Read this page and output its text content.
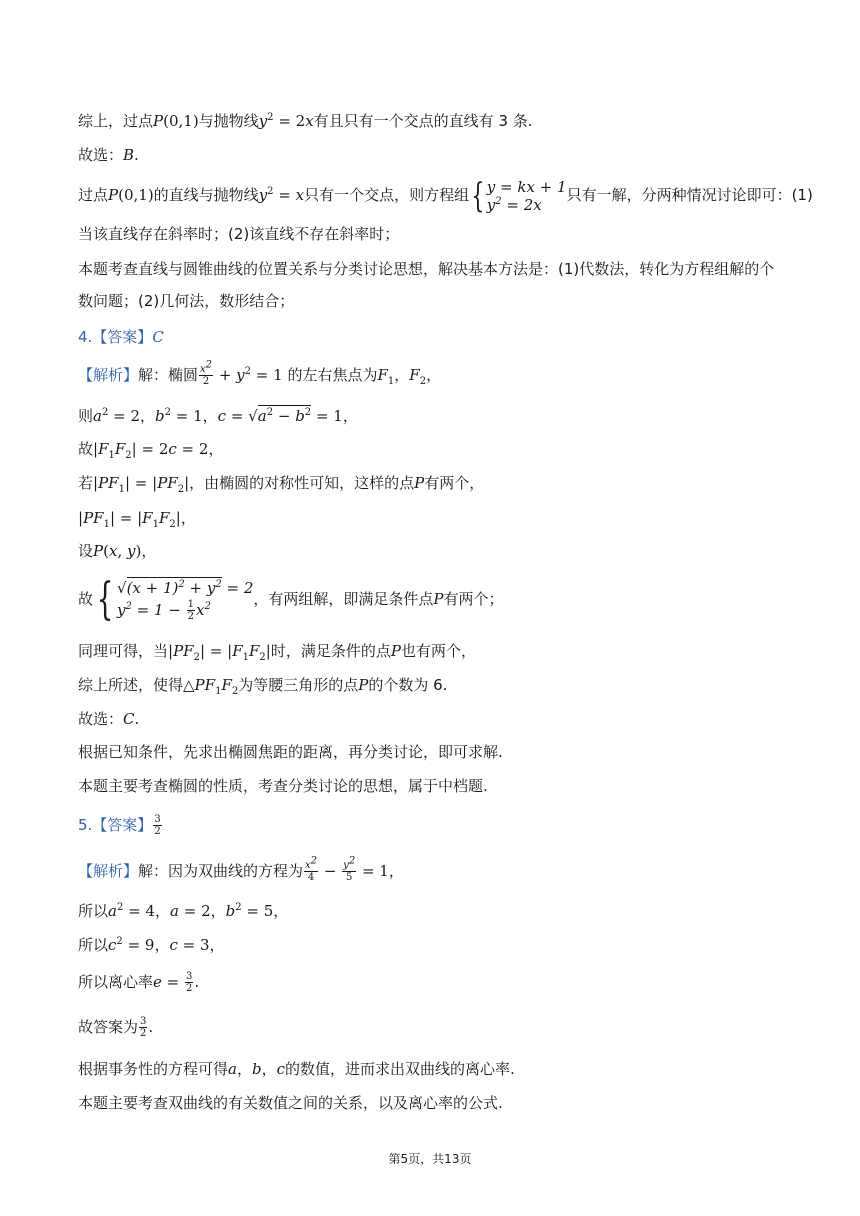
综上，过点P(0,1)与抛物线$y^2 = 2x$有且只有一个交点的直线有 3 条.
故选：B.
过点P(0,1)的直线与抛物线$y^2 = x$只有一个交点，则方程组{ y = kx + 1
$y^2 = 2x$只有一解，分两种情况讨论即可：(1)
当该直线存在斜率时；(2)该直线不存在斜率时；
本题考查直线与圆锥曲线的位置关系与分类讨论思想，解决基本方法是：(1)代数法，转化为方程组解的个
数问题；(2)几何法，数形结合；
4.【答案】C
【解析】解：椭圆 $\frac{x^2}{2} + y^2 = 1$ 的左右焦点为$F_1$，$F_2$，
则$a^2 = 2$，$b^2 = 1$，$c = √a^2 - b^2 = 1$，
故$|F_1F_2| = 2c = 2$，
若$|PF_1| = |PF_2|$，由椭圆的对称性可知，这样的点P有两个，
$|PF_1| = |F_1F_2|$，
设P(x, y)，
故{ $√(x + 1)^2 + y^2 = 2$
$y^2 = 1 - \frac{1}{2} x^2$	，有两组解，即满足条件点P有两个；
同理可得，当$|PF_2| = |F_1F_2|$时，满足条件的点P也有两个，
综上所述，使得$\triangle PF_1F_2$为等腰三角形的点P的个数为 6.
故选：C.
根据已知条件，先求出椭圆焦距的距离，再分类讨论，即可求解.
本题主要考查椭圆的性质，考查分类讨论的思想，属于中档题.
5.【答案】 $\frac{3}{2}$
【解析】解：因为双曲线的方程为 $\frac{x^2}{4} - \frac{y^2}{5} = 1$，
所以$a^2 = 4$，a = 2，$b^2 = 5$，
所以$c^2 = 9$，c = 3，
所以离心率$e = \frac{3}{2}$ .
故答案为 $\frac{3}{2}$ .
根据事务性的方程可得a，b，c的数值，进而求出双曲线的离心率.
本题主要考查双曲线的有关数值之间的关系，以及离心率的公式.
第5页，共13页
